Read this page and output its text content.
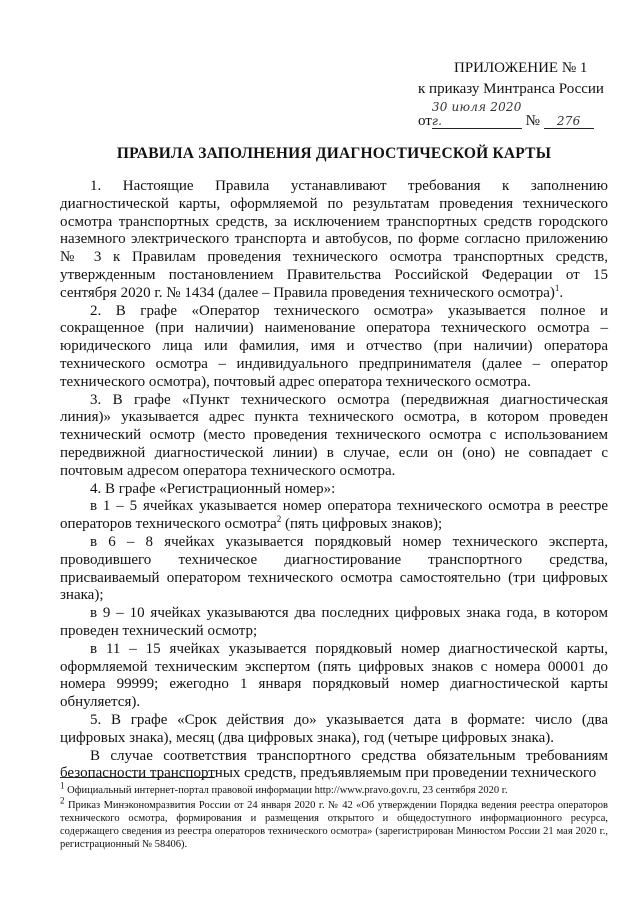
ПРИЛОЖЕНИЕ № 1
к приказу Минтранса России
от30 июля 2020 г.	№ 276
ПРАВИЛА ЗАПОЛНЕНИЯ ДИАГНОСТИЧЕСКОЙ КАРТЫ

1. Настоящие Правила устанавливают требования к заполнению диагностической карты, оформляемой по результатам проведения технического осмотра транспортных средств, за исключением транспортных средств городского наземного электрического транспорта и автобусов, по форме согласно приложению № 3 к Правилам проведения технического осмотра транспортных средств, утвержденным постановлением Правительства Российской Федерации от 15 сентября 2020 г. № 1434 (далее – Правила проведения технического осмотра)$^1$.

2. В графе «Оператор технического осмотра» указывается полное и сокращенное (при наличии) наименование оператора технического осмотра – юридического лица или фамилия, имя и отчество (при наличии) оператора технического осмотра – индивидуального предпринимателя (далее – оператор технического осмотра), почтовый адрес оператора технического осмотра.

3. В графе «Пункт технического осмотра (передвижная диагностическая линия)» указывается адрес пункта технического осмотра, в котором проведен технический осмотр (место проведения технического осмотра с использованием передвижной диагностической линии) в случае, если он (оно) не совпадает с почтовым адресом оператора технического осмотра.

4. В графе «Регистрационный номер»:

в 1 – 5 ячейках указывается номер оператора технического осмотра в реестре операторов технического осмотра$^2$ (пять цифровых знаков);

в 6 – 8 ячейках указывается порядковый номер технического эксперта, проводившего техническое диагностирование транспортного средства, присваиваемый оператором технического осмотра самостоятельно (три цифровых знака);

в 9 – 10 ячейках указываются два последних цифровых знака года, в котором проведен технический осмотр;

в 11 – 15 ячейках указывается порядковый номер диагностической карты, оформляемой техническим экспертом (пять цифровых знаков с номера 00001 до номера 99999; ежегодно 1 января порядковый номер диагностической карты обнуляется).

5. В графе «Срок действия до» указывается дата в формате: число (два цифровых знака), месяц (два цифровых знака), год (четыре цифровых знака).

В случае соответствия транспортного средства обязательным требованиям безопасности транспортных средств, предъявляемым при проведении технического

$^1$ Официальный интернет-портал правовой информации http://www.pravo.gov.ru, 23 сентября 2020 г.

$^2$ Приказ Минэкономразвития России от 24 января 2020 г. № 42 «Об утверждении Порядка ведения реестра операторов технического осмотра, формирования и размещения открытого и общедоступного информационного ресурса, содержащего сведения из реестра операторов технического осмотра» (зарегистрирован Минюстом России 21 мая 2020 г., регистрационный № 58406).
